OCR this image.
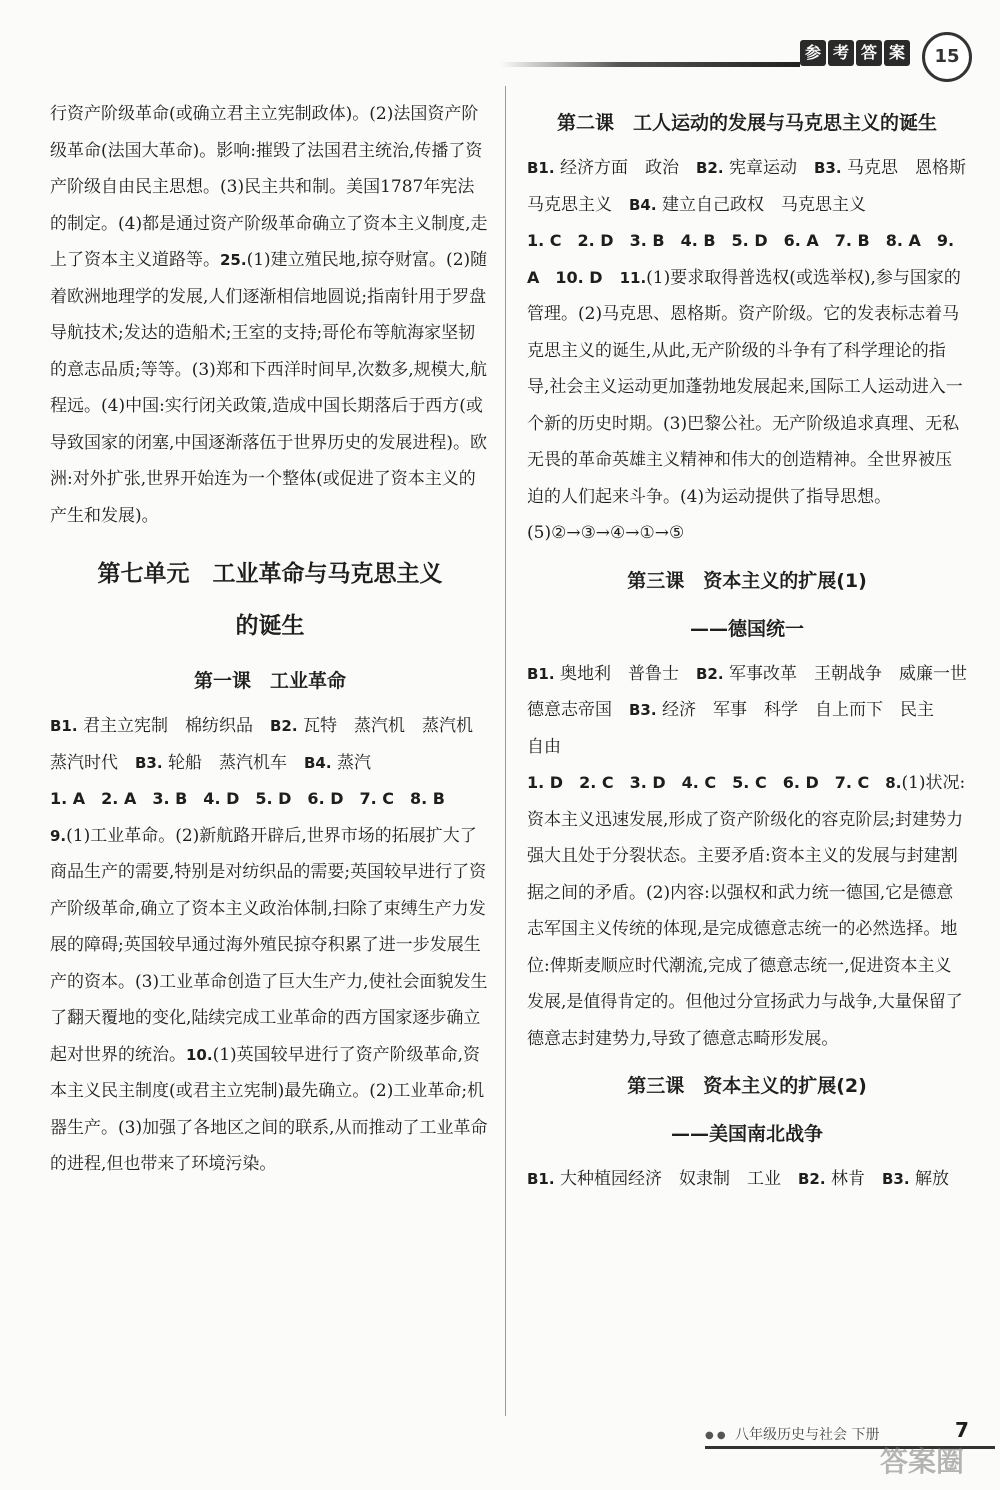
参 考 答 案	15

行资产阶级革命(或确立君主立宪制政体)。(2)法国资产阶级革命(法国大革命)。影响:摧毁了法国君主统治,传播了资产阶级自由民主思想。(3)民主共和制。美国1787年宪法的制定。(4)都是通过资产阶级革命确立了资本主义制度,走上了资本主义道路等。25.(1)建立殖民地,掠夺财富。(2)随着欧洲地理学的发展,人们逐渐相信地圆说;指南针用于罗盘导航技术;发达的造船术;王室的支持;哥伦布等航海家坚韧的意志品质;等等。(3)郑和下西洋时间早,次数多,规模大,航程远。(4)中国:实行闭关政策,造成中国长期落后于西方(或导致国家的闭塞,中国逐渐落伍于世界历史的发展进程)。欧洲:对外扩张,世界开始连为一个整体(或促进了资本主义的产生和发展)。

第七单元　工业革命与马克思主义
的诞生
第一课　工业革命

B1. 君主立宪制　棉纺织品　 B2. 瓦特　蒸汽机　蒸汽机　蒸汽时代　 B3. 轮船　蒸汽机车　 B4. 蒸汽

1. A　2. A　3. B　4. D　5. D　6. D　7. C　8. B

9.(1)工业革命。(2)新航路开辟后,世界市场的拓展扩大了商品生产的需要,特别是对纺织品的需要;英国较早进行了资产阶级革命,确立了资本主义政治体制,扫除了束缚生产力发展的障碍;英国较早通过海外殖民掠夺积累了进一步发展生产的资本。(3)工业革命创造了巨大生产力,使社会面貌发生了翻天覆地的变化,陆续完成工业革命的西方国家逐步确立起对世界的统治。10.(1)英国较早进行了资产阶级革命,资本主义民主制度(或君主立宪制)最先确立。(2)工业革命;机器生产。(3)加强了各地区之间的联系,从而推动了工业革命的进程,但也带来了环境污染。

第二课　工人运动的发展与马克思主义的诞生

B1. 经济方面　政治　 B2. 宪章运动　 B3. 马克思　恩格斯　马克思主义　 B4. 建立自己政权　马克思主义

1. C　2. D　3. B　4. B　5. D　6. A　7. B　8. A　9. A　10. D　 11.(1)要求取得普选权(或选举权),参与国家的管理。(2)马克思、恩格斯。资产阶级。它的发表标志着马克思主义的诞生,从此,无产阶级的斗争有了科学理论的指导,社会主义运动更加蓬勃地发展起来,国际工人运动进入一个新的历史时期。(3)巴黎公社。无产阶级追求真理、无私无畏的革命英雄主义精神和伟大的创造精神。全世界被压迫的人们起来斗争。(4)为运动提供了指导思想。

(5)②→③→④→①→⑤

第三课　资本主义的扩展(1)
——德国统一

B1. 奥地利　普鲁士　 B2. 军事改革　王朝战争　威廉一世　德意志帝国　 B3. 经济　军事　科学　自上而下　民主　自由

1. D　2. C　3. D　4. C　5. C　6. D　7. C　8.(1)状况:资本主义迅速发展,形成了资产阶级化的容克阶层;封建势力强大且处于分裂状态。主要矛盾:资本主义的发展与封建割据之间的矛盾。(2)内容:以强权和武力统一德国,它是德意志军国主义传统的体现,是完成德意志统一的必然选择。地位:俾斯麦顺应时代潮流,完成了德意志统一,促进资本主义发展,是值得肯定的。但他过分宣扬武力与战争,大量保留了德意志封建势力,导致了德意志畸形发展。

第三课　资本主义的扩展(2)
——美国南北战争

B1. 大种植园经济　奴隶制　工业　 B2. 林肯　 B3. 解放

● ● 八年级历史与社会 下册	7
答案圈
